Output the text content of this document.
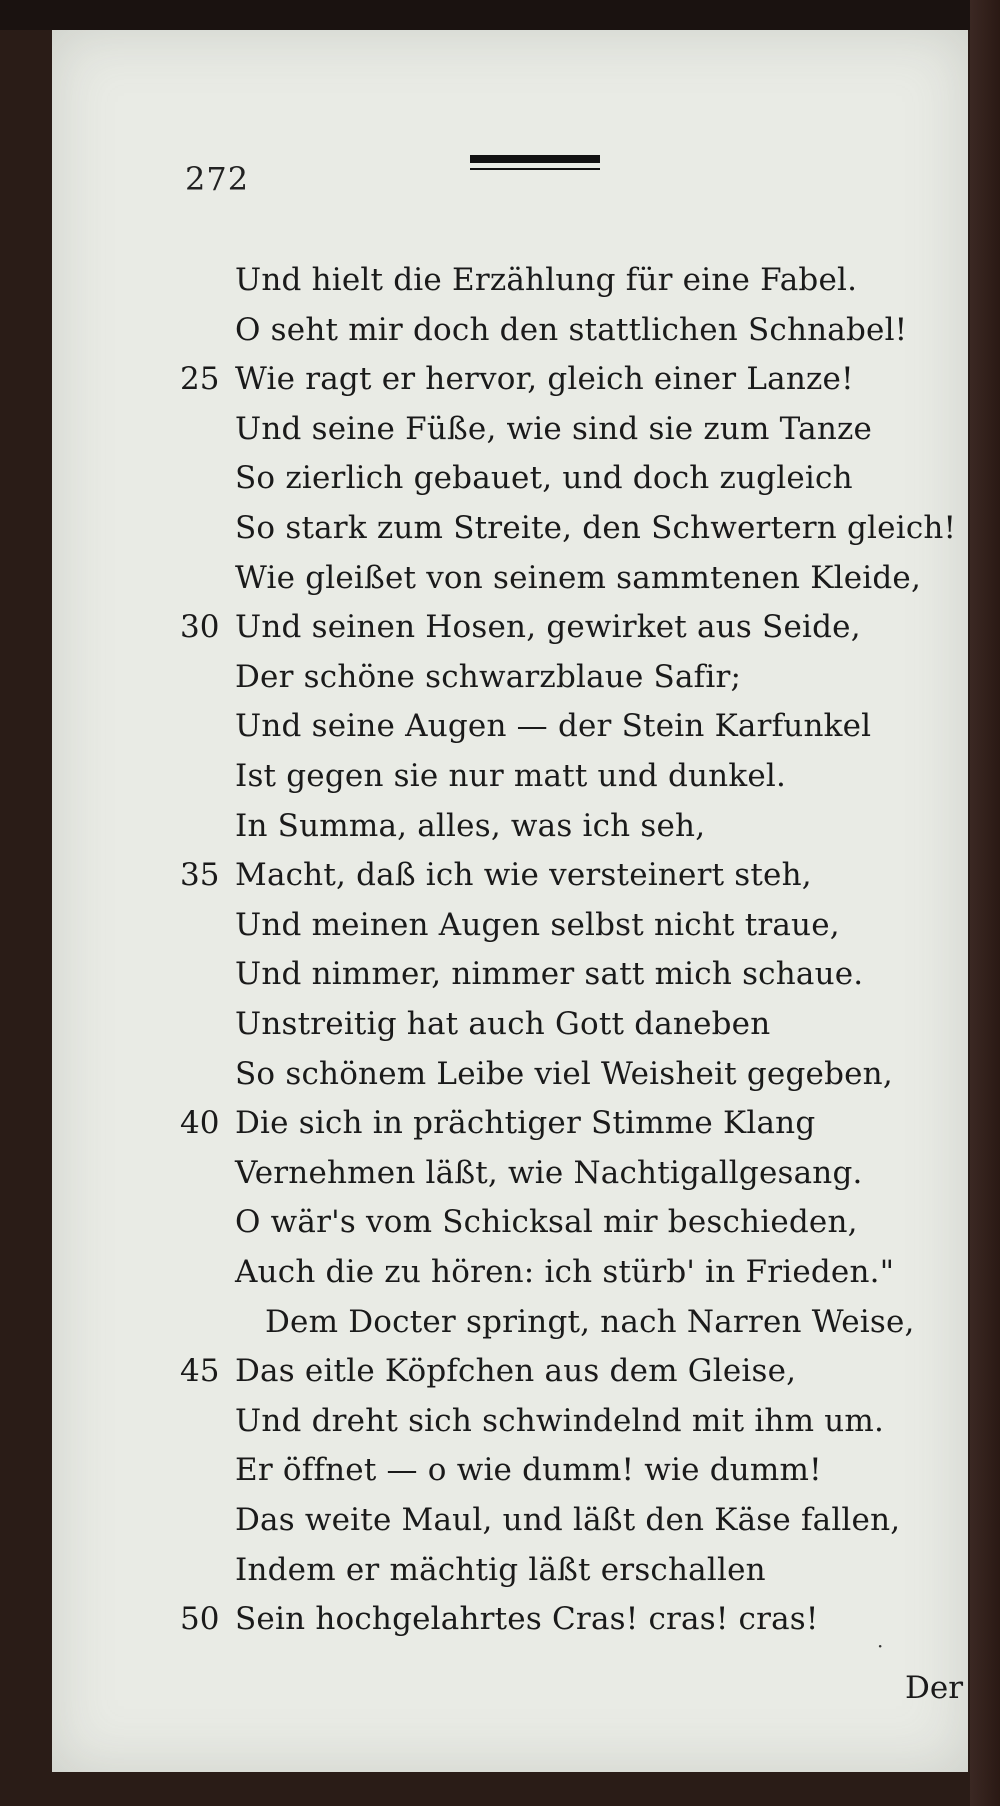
272
·
Der
Und hielt die Erzählung für eine Fabel.
O seht mir doch den stattlichen Schnabel!
25 Wie ragt er hervor, gleich einer Lanze!
Und seine Füße, wie sind sie zum Tanze
So zierlich gebauet, und doch zugleich
So stark zum Streite, den Schwertern gleich!
Wie gleißet von seinem sammtenen Kleide,
30 Und seinen Hosen, gewirket aus Seide,
Der schöne schwarzblaue Safir;
Und seine Augen — der Stein Karfunkel
Ist gegen sie nur matt und dunkel.
In Summa, alles, was ich seh,
35 Macht, daß ich wie versteinert steh,
Und meinen Augen selbst nicht traue,
Und nimmer, nimmer satt mich schaue.
Unstreitig hat auch Gott daneben
So schönem Leibe viel Weisheit gegeben,
40 Die sich in prächtiger Stimme Klang
Vernehmen läßt, wie Nachtigallgesang.
O wär's vom Schicksal mir beschieden,
Auch die zu hören: ich stürb' in Frieden."
Dem Docter springt, nach Narren Weise,
45 Das eitle Köpfchen aus dem Gleise,
Und dreht sich schwindelnd mit ihm um.
Er öffnet — o wie dumm! wie dumm!
Das weite Maul, und läßt den Käse fallen,
Indem er mächtig läßt erschallen
50 Sein hochgelahrtes Cras! cras! cras!
